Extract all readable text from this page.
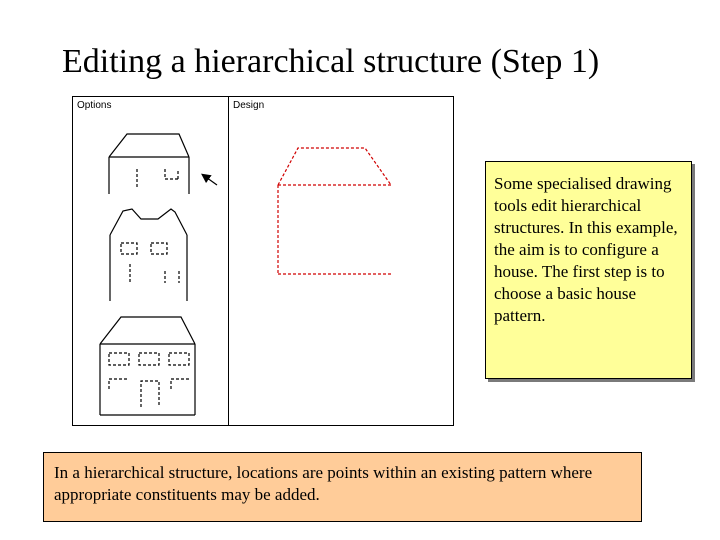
Editing a hierarchical structure (Step 1)
Options	Design
Some specialised drawing tools edit hierarchical structures. In this example, the aim is to configure a house. The first step is to choose a basic house pattern.
In a hierarchical structure, locations are points within an existing pattern where appropriate constituents may be added.
